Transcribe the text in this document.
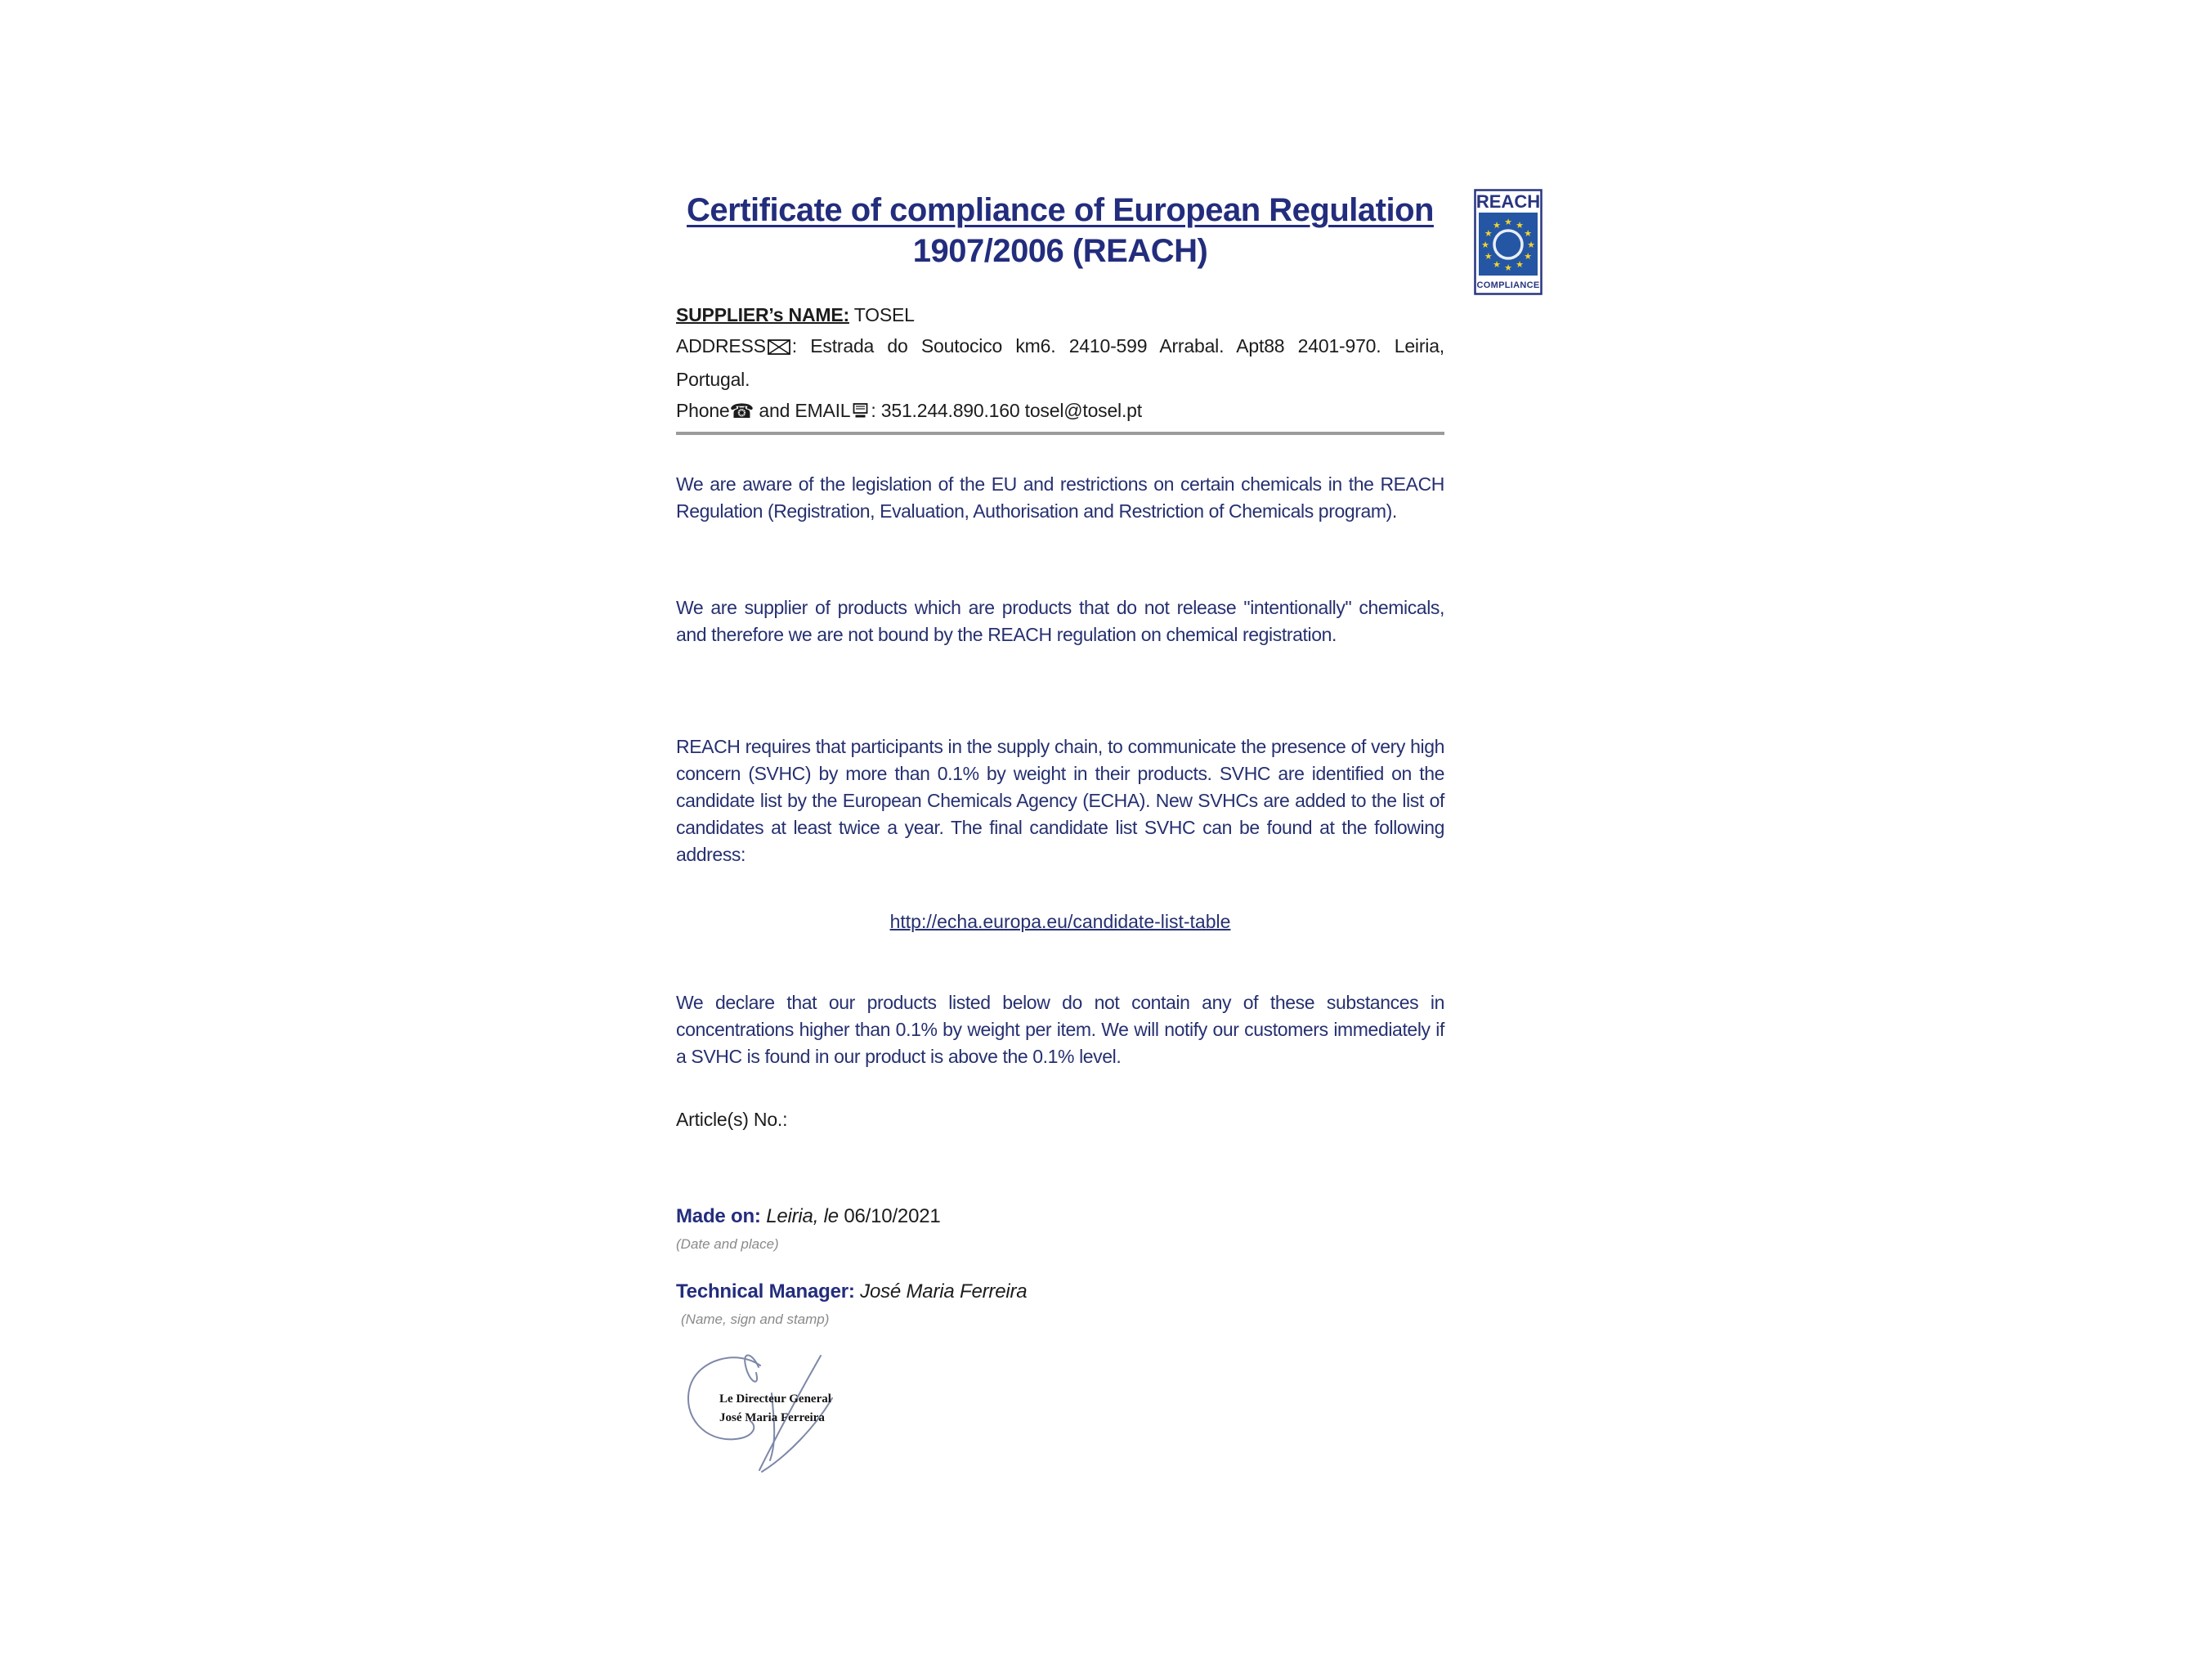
Certificate of compliance of European Regulation
1907/2006 (REACH)
REACH
★ ★
★
★
★
★
★
★
★
★
★
★
COMPLIANCE
SUPPLIER’s NAME: TOSEL
ADDRESS : Estrada do Soutocico km6. 2410-599 Arrabal. Apt88 2401-970. Leiria,
Portugal.
Phone☎ and EMAIL : 351.244.890.160 tosel@tosel.pt
We are aware of the legislation of the EU and restrictions on certain chemicals in the REACH Regulation (Registration, Evaluation, Authorisation and Restriction of Chemicals program).
We are supplier of products which are products that do not release "intentionally" chemicals, and therefore we are not bound by the REACH regulation on chemical registration.
REACH requires that participants in the supply chain, to communicate the presence of very high concern (SVHC) by more than 0.1% by weight in their products. SVHC are identified on the candidate list by the European Chemicals Agency (ECHA). New SVHCs are added to the list of candidates at least twice a year. The final candidate list SVHC can be found at the following address:
http://echa.europa.eu/candidate-list-table
We declare that our products listed below do not contain any of these substances in concentrations higher than 0.1% by weight per item. We will notify our customers immediately if a SVHC is found in our product is above the 0.1% level.
Article(s) No.:
Made on: Leiria, le 06/10/2021
(Date and place)
Technical Manager: José Maria Ferreira
(Name, sign and stamp)
Le Directeur General
José Maria Ferreira
